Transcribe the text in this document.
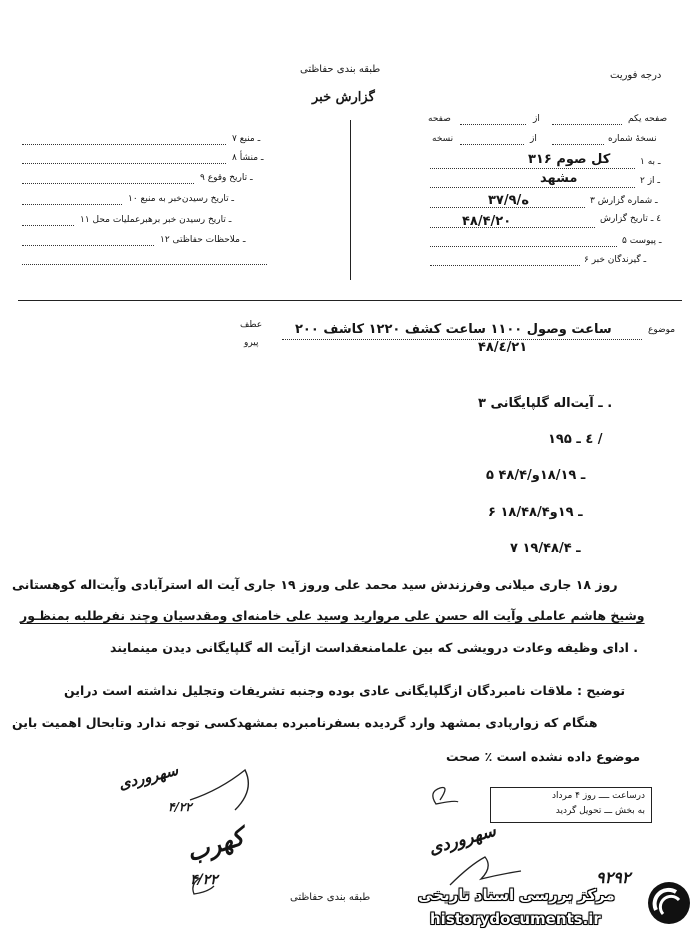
طبقه بندی حفاظتی
گزارش خبر
درجه فوریت
صفحه یکم
از
صفحه
نسخهٔ شماره
از
نسخه
۱ ـ به
کل صوم ۳۱۶
۲ ـ از
مشهد
۳ ـ شماره گزارش
۳۷/۹/ه
٤ ـ تاریخ گزارش
۴۸/۴/۲۰
۵ ـ پیوست
۶ ـ گیرندگان خبر
۷ ـ منبع
۸ ـ منشأ
۹ ـ تاریخ وقوع
۱۰ ـ تاریخ رسیدن‌خبر به منبع
۱۱ ـ تاریخ رسیدن خبر برهبرعملیات محل
۱۲ ـ ملاحظات حفاظتی
موضوع
ساعت وصول ۱۱۰۰ ساعت کشف ۱۲۲۰ کاشف ۲۰۰
۴۸/٤/۲۱
عطف
پیرو
۳ ـ آیت‌اله گلپایگانی .
٤ ـ ۱۹۵ /
۵ ـ ۱۸/۱۹و/۴۸/۴
۶ ـ ۱۹و۱۸/۴۸/۴
۷ ـ ۱۹/۴۸/۴
روز ۱۸ جاری میلانی وفرزندش سید محمد علی وروز ۱۹ جاری آیت اله استرآبادی وآیت‌اله کوهستانی
وشیخ هاشم عاملی وآیت اله حسن علی مروارید وسید علی خامنه‌ای ومقدسیان وچند نفرطلبه بمنظـور
ادای وظیفه وعادت درویشی که بین علمامنعقداست ازآیت اله گلپایگانی دیدن مینمایند .
توضیح : ملاقات نامبردگان ازگلپایگانی عادی بوده وجنبه تشریفات وتجلیل نداشته است دراین
هنگام که زوارپادی بمشهد وارد گردیده بسفرنامبرده بمشهدکسی توجه ندارد وتابحال اهمیت باین
موضوع داده نشده است ٪ صحت
درساعت ــــ روز ۴ مرداد
به بخش ـــ تحویل گردید
سهروردی
۴/۲۲
کهرب
۴/۲۲
سهروردی
۹۲۹۲
طبقه بندی حفاظتی	مرکز بررسی اسناد تاریخی
historydocuments.ir
